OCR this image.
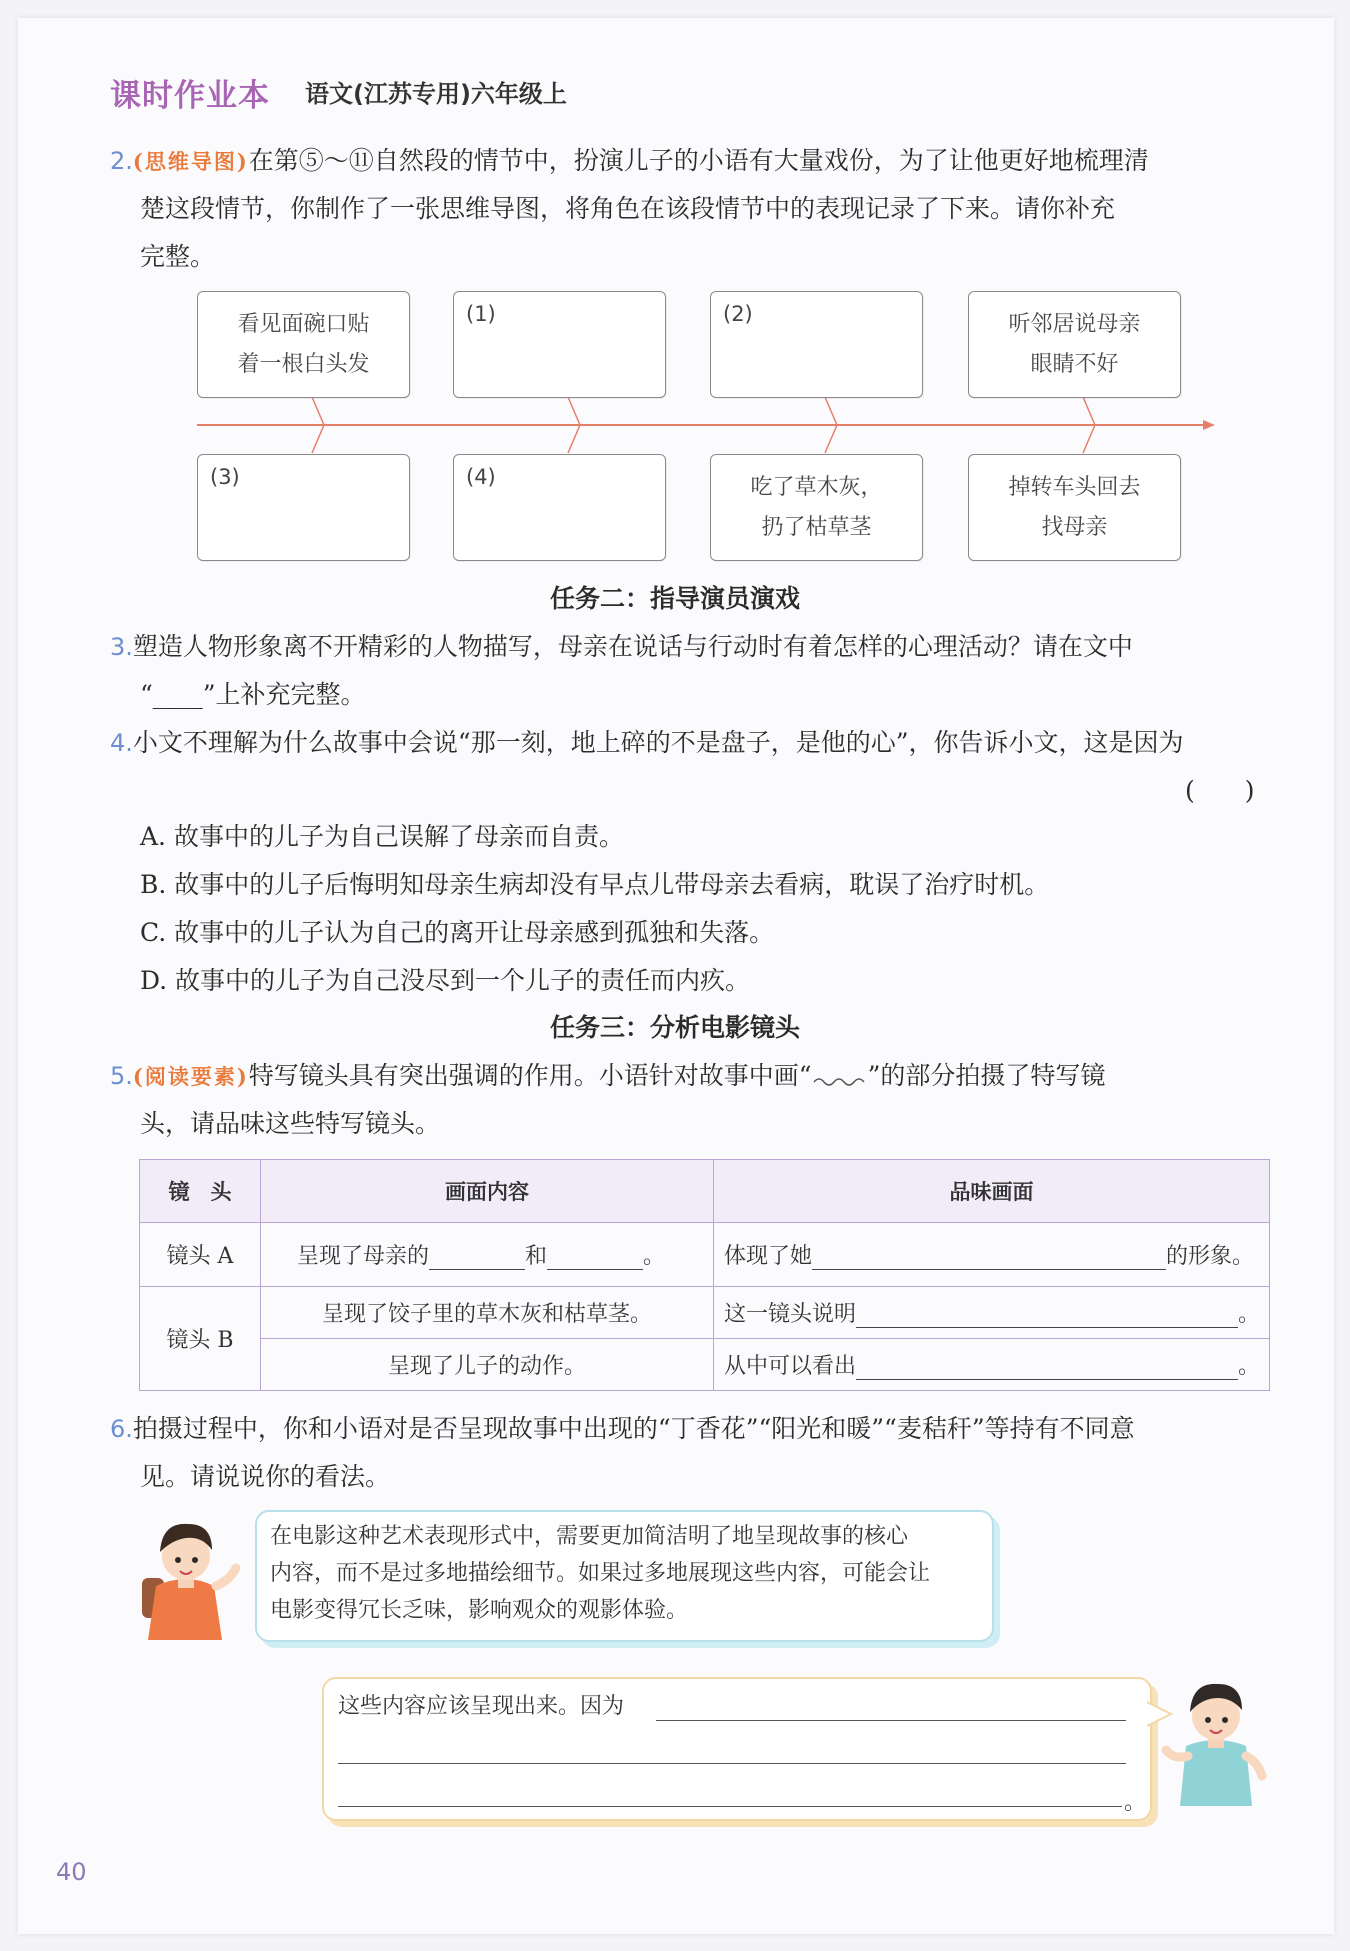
课时作业本 语文(江苏专用)六年级上
2.(思维导图)在第⑤～⑪自然段的情节中，扮演儿子的小语有大量戏份，为了让他更好地梳理清
楚这段情节，你制作了一张思维导图，将角色在该段情节中的表现记录了下来。请你补充
完整。
看见面碗口贴
着一根白头发
(1)	(2)	听邻居说母亲
眼睛不好
(3)	(4)	吃了草木灰，
扔了枯草茎
掉转车头回去
找母亲
任务二：指导演员演戏
3.塑造人物形象离不开精彩的人物描写，母亲在说话与行动时有着怎样的心理活动？请在文中
“____”上补充完整。
4.小文不理解为什么故事中会说“那一刻，地上碎的不是盘子，是他的心”，你告诉小文，这是因为
(　　)
A. 故事中的儿子为自己误解了母亲而自责。
B. 故事中的儿子后悔明知母亲生病却没有早点儿带母亲去看病，耽误了治疗时机。
C. 故事中的儿子认为自己的离开让母亲感到孤独和失落。
D. 故事中的儿子为自己没尽到一个儿子的责任而内疚。
任务三：分析电影镜头
5.(阅读要素)特写镜头具有突出强调的作用。小语针对故事中画“ ”的部分拍摄了特写镜
头，请品味这些特写镜头。
镜　头	画面内容	品味画面
镜头 A	呈现了母亲的 和 。	体现了她 的形象。
镜头 B	呈现了饺子里的草木灰和枯草茎。	这一镜头说明 。
	呈现了儿子的动作。	从中可以看出 。
6.拍摄过程中，你和小语对是否呈现故事中出现的“丁香花”“阳光和暖”“麦秸秆”等持有不同意
见。请说说你的看法。
在电影这种艺术表现形式中，需要更加简洁明了地呈现故事的核心
内容，而不是过多地描绘细节。如果过多地展现这些内容，可能会让
电影变得冗长乏味，影响观众的观影体验。
这些内容应该呈现出来。因为
。
40
